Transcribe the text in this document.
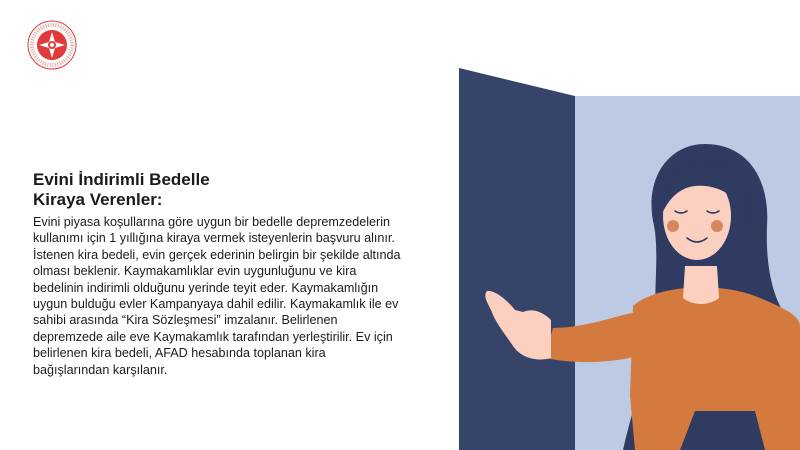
Evini İndirimli Bedelle
Kiraya Verenler:

Evini piyasa koşullarına göre uygun bir bedelle depremzedelerin kullanımı için 1 yıllığına kiraya vermek isteyenlerin başvuru alınır. İstenen kira bedeli, evin gerçek ederinin belirgin bir şekilde altında olması beklenir. Kaymakamlıklar evin uygunluğunu ve kira bedelinin indirimli olduğunu yerinde teyit eder. Kaymakamlığın uygun bulduğu evler Kampanyaya dahil edilir. Kaymakamlık ile ev sahibi arasında “Kira Sözleşmesi” imzalanır. Belirlenen depremzede aile eve Kaymakamlık tarafından yerleştirilir. Ev için belirlenen kira bedeli, AFAD hesabında toplanan kira bağışlarından karşılanır.
